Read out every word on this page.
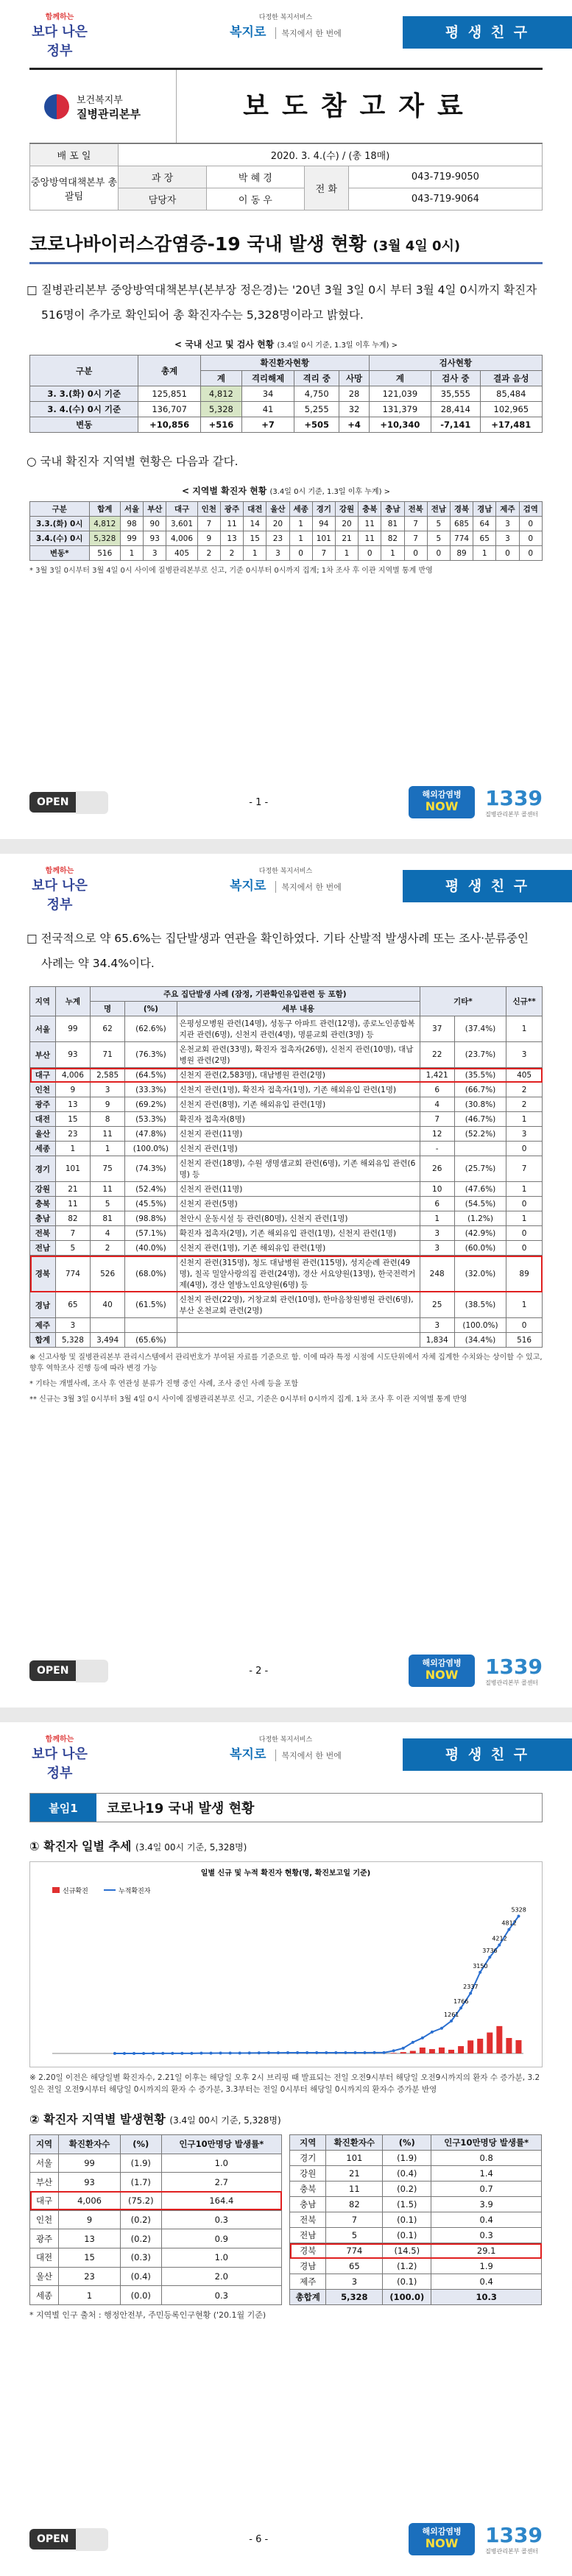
함께하는
보다 나은 정부
다정한 복지서비스
복지로 복지에서 한 번에	평 생 친 구
보건복지부
질병관리본부	보도참고자료
배 포 일	2020. 3. 4.(수) / (총 18매)			
중앙방역대책본부 총괄팀	과 장	박 혜 경	전 화	043-719-9050
	담당자	이 동 우		043-719-9064
코로나바이러스감염증-19 국내 발생 현황 (3월 4일 0시)
□ 질병관리본부 중앙방역대책본부(본부장 정은경)는 '20년 3월 3일 0시 부터 3월 4일 0시까지 확진자 516명이 추가로 확인되어 총 확진자수는 5,328명이라고 밝혔다.
< 국내 신고 및 검사 현황 (3.4일 0시 기준, 1.3일 이후 누계) >
구분	총계	확진환자현황				검사현황		
		계	격리해제	격리 중	사망	계	검사 중	결과 음성
3. 3.(화) 0시 기준	125,851	4,812	34	4,750	28	121,039	35,555	85,484
3. 4.(수) 0시 기준	136,707	5,328	41	5,255	32	131,379	28,414	102,965
변동	+10,856	+516	+7	+505	+4	+10,340	-7,141	+17,481
○ 국내 확진자 지역별 현황은 다음과 같다.
< 지역별 확진자 현황 (3.4일 0시 기준, 1.3일 이후 누계) >
구분	합계	서울	부산	대구	인천	광주	대전	울산	세종	경기	강원	충북	충남	전북	전남	경북	경남	제주	검역
3.3.(화) 0시	4,812	98	90	3,601	7	11	14	20	1	94	20	11	81	7	5	685	64	3	0
3.4.(수) 0시	5,328	99	93	4,006	9	13	15	23	1	101	21	11	82	7	5	774	65	3	0
변동*	516	1	3	405	2	2	1	3	0	7	1	0	1	0	0	89	1	0	0
* 3월 3일 0시부터 3월 4일 0시 사이에 질병관리본부로 신고, 기준 0시부터 0시까지 집계; 1차 조사 후 이관 지역별 통계 반영
OPEN	- 1 -
해외감염병
NOW	1339
질병관리본부 콜센터
함께하는
보다 나은 정부
다정한 복지서비스
복지로 복지에서 한 번에	평 생 친 구
□ 전국적으로 약 65.6%는 집단발생과 연관을 확인하였다. 기타 산발적 발생사례 또는 조사·분류중인 사례는 약 34.4%이다.
지역	누계	주요 집단발생 사례 (잠정, 기관확인유입관련 등 포함)			기타*		신규**
		명	(%)	세부 내용			
서울	99	62	(62.6%)	은평성모병원 관련(14명), 성동구 아파트 관련(12명), 종로노인종합복지관 관련(6명), 신천지 관련(4명), 명륜교회 관련(3명) 등	37	(37.4%)	1
부산	93	71	(76.3%)	온천교회 관련(33명), 확진자 접촉자(26명), 신천지 관련(10명), 대남병원 관련(2명)	22	(23.7%)	3
대구	4,006	2,585	(64.5%)	신천지 관련(2,583명), 대남병원 관련(2명)	1,421	(35.5%)	405
인천	9	3	(33.3%)	신천지 관련(1명), 확진자 접촉자(1명), 기존 해외유입 관련(1명)	6	(66.7%)	2
광주	13	9	(69.2%)	신천지 관련(8명), 기존 해외유입 관련(1명)	4	(30.8%)	2
대전	15	8	(53.3%)	확진자 접촉자(8명)	7	(46.7%)	1
울산	23	11	(47.8%)	신천지 관련(11명)	12	(52.2%)	3
세종	1	1	(100.0%)	신천지 관련(1명)	-		0
경기	101	75	(74.3%)	신천지 관련(18명), 수원 생명샘교회 관련(6명), 기존 해외유입 관련(6명) 등	26	(25.7%)	7
강원	21	11	(52.4%)	신천지 관련(11명)	10	(47.6%)	1
충북	11	5	(45.5%)	신천지 관련(5명)	6	(54.5%)	0
충남	82	81	(98.8%)	천안시 운동시설 등 관련(80명), 신천지 관련(1명)	1	(1.2%)	1
전북	7	4	(57.1%)	확진자 접촉자(2명), 기존 해외유입 관련(1명), 신천지 관련(1명)	3	(42.9%)	0
전남	5	2	(40.0%)	신천지 관련(1명), 기존 해외유입 관련(1명)	3	(60.0%)	0
경북	774	526	(68.0%)	신천지 관련(315명), 청도 대남병원 관련(115명), 성지순례 관련(49명), 칠곡 밀알사랑의집 관련(24명), 경산 서요양원(13명), 한국전력거제(4명), 경산 열방노인요양원(6명) 등	248	(32.0%)	89
경남	65	40	(61.5%)	신천지 관련(22명), 거창교회 관련(10명), 한마음창원병원 관련(6명), 부산 온천교회 관련(2명)	25	(38.5%)	1
제주	3				3	(100.0%)	0
합계	5,328	3,494	(65.6%)		1,834	(34.4%)	516
※ 신고사항 및 질병관리본부 관리시스템에서 관리번호가 부여된 자료를 기준으로 함. 이에 따라 특정 시점에 시도단위에서 자체 집계한 수치와는 상이할 수 있고, 향후 역학조사 진행 등에 따라 변경 가능
* 기타는 개별사례, 조사 후 연관성 분류가 진행 중인 사례, 조사 중인 사례 등을 포함
** 신규는 3월 3일 0시부터 3월 4일 0시 사이에 질병관리본부로 신고, 기준은 0시부터 0시까지 집계. 1차 조사 후 이관 지역별 통계 반영
OPEN	- 2 -
해외감염병
NOW	1339
질병관리본부 콜센터
함께하는
보다 나은 정부
다정한 복지서비스
복지로 복지에서 한 번에	평 생 친 구
붙임1	코로나19 국내 발생 현황
① 확진자 일별 추세 (3.4일 00시 기준, 5,328명)
일별 신규 및 누적 확진자 현황(명, 확진보고일 기준)
신규확진	누적확진자
1261
1766
2337
3150
3736
4212
4812
5328
※ 2.20일 이전은 해당일별 확진자수, 2.21일 이후는 해당일 오후 2시 브리핑 때 발표되는 전일 오전9시부터 해당일 오전9시까지의 환자 수 증가분, 3.2일은 전일 오전9시부터 해당일 0시까지의 환자 수 증가분, 3.3부터는 전일 0시부터 해당일 0시까지의 환자수 증가분 반영
② 확진자 지역별 발생현황 (3.4일 00시 기준, 5,328명)
지역	확진환자수	(%)	인구10만명당 발생률*
서울	99	(1.9)	1.0
부산	93	(1.7)	2.7
대구	4,006	(75.2)	164.4
인천	9	(0.2)	0.3
광주	13	(0.2)	0.9
대전	15	(0.3)	1.0
울산	23	(0.4)	2.0
세종	1	(0.0)	0.3
지역	확진환자수	(%)	인구10만명당 발생률*
경기	101	(1.9)	0.8
강원	21	(0.4)	1.4
충북	11	(0.2)	0.7
충남	82	(1.5)	3.9
전북	7	(0.1)	0.4
전남	5	(0.1)	0.3
경북	774	(14.5)	29.1
경남	65	(1.2)	1.9
제주	3	(0.1)	0.4
총합계	5,328	(100.0)	10.3
* 지역별 인구 출처 : 행정안전부, 주민등록인구현황 ('20.1월 기준)
OPEN	- 6 -
해외감염병
NOW	1339
질병관리본부 콜센터
